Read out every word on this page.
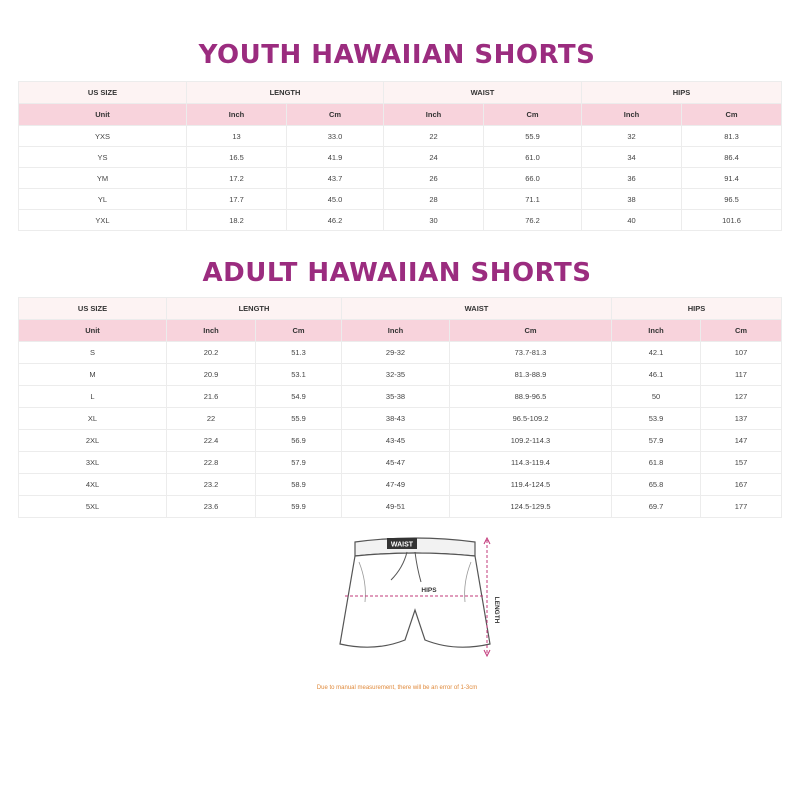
YOUTH HAWAIIAN SHORTS
US SIZE	LENGTH		WAIST		HIPS	
Unit	Inch	Cm	Inch	Cm	Inch	Cm
YXS	13	33.0	22	55.9	32	81.3
YS	16.5	41.9	24	61.0	34	86.4
YM	17.2	43.7	26	66.0	36	91.4
YL	17.7	45.0	28	71.1	38	96.5
YXL	18.2	46.2	30	76.2	40	101.6
ADULT HAWAIIAN SHORTS
US SIZE	LENGTH		WAIST		HIPS	
Unit	Inch	Cm	Inch	Cm	Inch	Cm
S	20.2	51.3	29-32	73.7-81.3	42.1	107
M	20.9	53.1	32-35	81.3-88.9	46.1	117
L	21.6	54.9	35-38	88.9-96.5	50	127
XL	22	55.9	38-43	96.5-109.2	53.9	137
2XL	22.4	56.9	43-45	109.2-114.3	57.9	147
3XL	22.8	57.9	45-47	114.3-119.4	61.8	157
4XL	23.2	58.9	47-49	119.4-124.5	65.8	167
5XL	23.6	59.9	49-51	124.5-129.5	69.7	177
WAIST
HIPS
LENGTH
Due to manual measurement, there will be an error of 1-3cm
